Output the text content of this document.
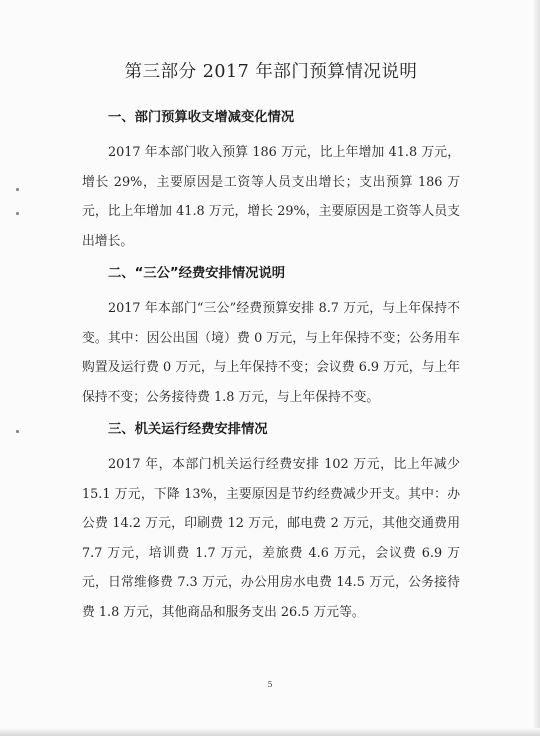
第三部分 2017 年部门预算情况说明
一、部门预算收支增减变化情况

2017 年本部门收入预算 186 万元，比上年增加 41.8 万元，增长 29%，主要原因是工资等人员支出增长；支出预算 186 万元，比上年增加 41.8 万元，增长 29%，主要原因是工资等人员支出增长。

二、“三公”经费安排情况说明

2017 年本部门“三公”经费预算安排 8.7 万元，与上年保持不变。其中：因公出国（境）费 0 万元，与上年保持不变；公务用车购置及运行费 0 万元，与上年保持不变；会议费 6.9 万元，与上年保持不变；公务接待费 1.8 万元，与上年保持不变。

三、机关运行经费安排情况

2017 年，本部门机关运行经费安排 102 万元，比上年减少 15.1 万元，下降 13%，主要原因是节约经费减少开支。其中：办公费 14.2 万元，印刷费 12 万元，邮电费 2 万元，其他交通费用 7.7 万元，培训费 1.7 万元，差旅费 4.6 万元，会议费 6.9 万元，日常维修费 7.3 万元，办公用房水电费 14.5 万元，公务接待费 1.8 万元，其他商品和服务支出 26.5 万元等。

5
